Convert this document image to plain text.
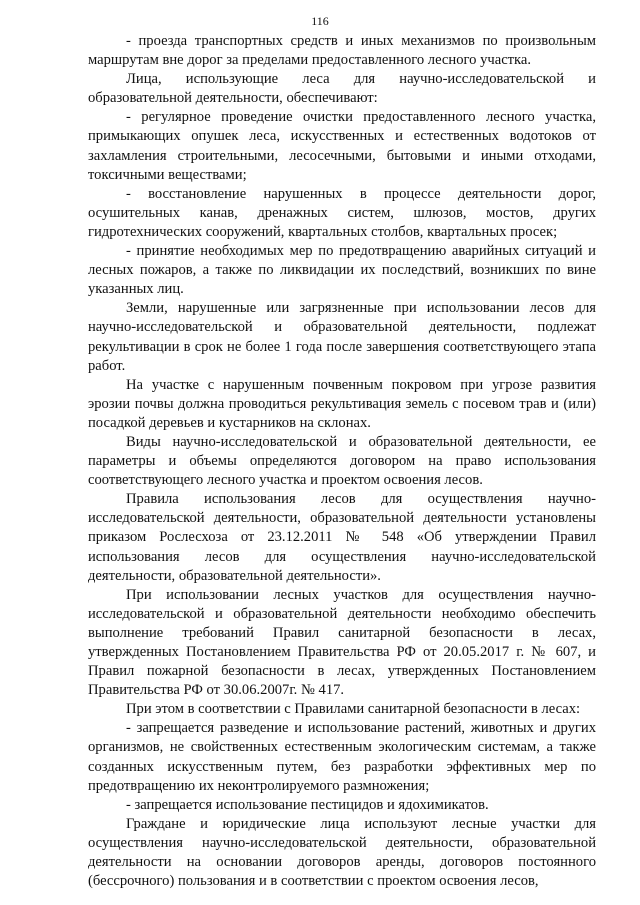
116

- проезда транспортных средств и иных механизмов по произвольным маршрутам вне дорог за пределами предоставленного лесного участка.

Лица, использующие леса для научно-исследовательской и образовательной деятельности, обеспечивают:

- регулярное проведение очистки предоставленного лесного участка, примыкающих опушек леса, искусственных и естественных водотоков от захламления строительными, лесосечными, бытовыми и иными отходами, токсичными веществами;

- восстановление нарушенных в процессе деятельности дорог, осушительных канав, дренажных систем, шлюзов, мостов, других гидротехнических сооружений, квартальных столбов, квартальных просек;

- принятие необходимых мер по предотвращению аварийных ситуаций и лесных пожаров, а также по ликвидации их последствий, возникших по вине указанных лиц.

Земли, нарушенные или загрязненные при использовании лесов для научно-исследовательской и образовательной деятельности, подлежат рекультивации в срок не более 1 года после завершения соответствующего этапа работ.

На участке с нарушенным почвенным покровом при угрозе развития эрозии почвы должна проводиться рекультивация земель с посевом трав и (или) посадкой деревьев и кустарников на склонах.

Виды научно-исследовательской и образовательной деятельности, ее параметры и объемы определяются договором на право использования соответствующего лесного участка и проектом освоения лесов.

Правила использования лесов для осуществления научно-исследовательской деятельности, образовательной деятельности установлены приказом Рослесхоза от 23.12.2011 № 548 «Об утверждении Правил использования лесов для осуществления научно-исследовательской деятельности, образовательной деятельности».

При использовании лесных участков для осуществления научно-исследовательской и образовательной деятельности необходимо обеспечить выполнение требований Правил санитарной безопасности в лесах, утвержденных Постановлением Правительства РФ от 20.05.2017 г. № 607, и Правил пожарной безопасности в лесах, утвержденных Постановлением Правительства РФ от 30.06.2007г. № 417.

При этом в соответствии с Правилами санитарной безопасности в лесах:

- запрещается разведение и использование растений, животных и других организмов, не свойственных естественным экологическим системам, а также созданных искусственным путем, без разработки эффективных мер по предотвращению их неконтролируемого размножения;

- запрещается использование пестицидов и ядохимикатов.

Граждане и юридические лица используют лесные участки для осуществления научно-исследовательской деятельности, образовательной деятельности на основании договоров аренды, договоров постоянного (бессрочного) пользования и в соответствии с проектом освоения лесов,
